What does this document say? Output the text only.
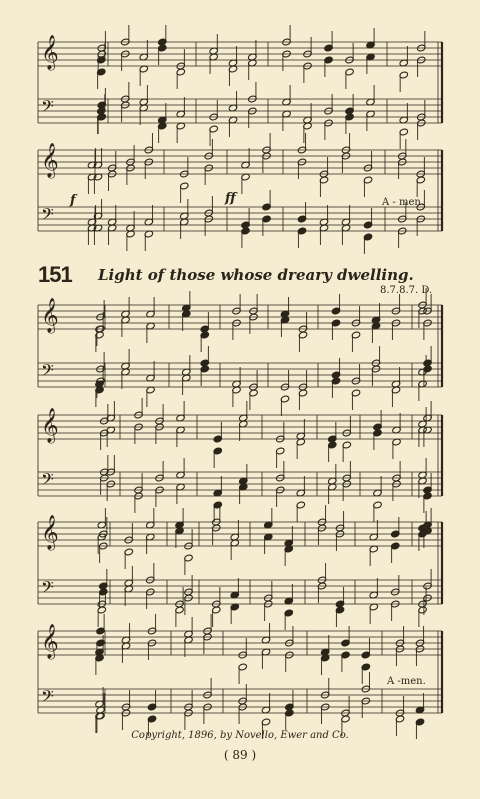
𝄞
𝄢
𝄞
𝄢
𝄞
𝄢
𝄞
𝄢
𝄞
𝄢
𝄞
𝄢
f	ff	A - men.
151 Light of those whose dreary dwelling.
8.7.8.7. D.
A -men.
Copyright, 1896, by Novello, Ewer and Co.
( 89 )
